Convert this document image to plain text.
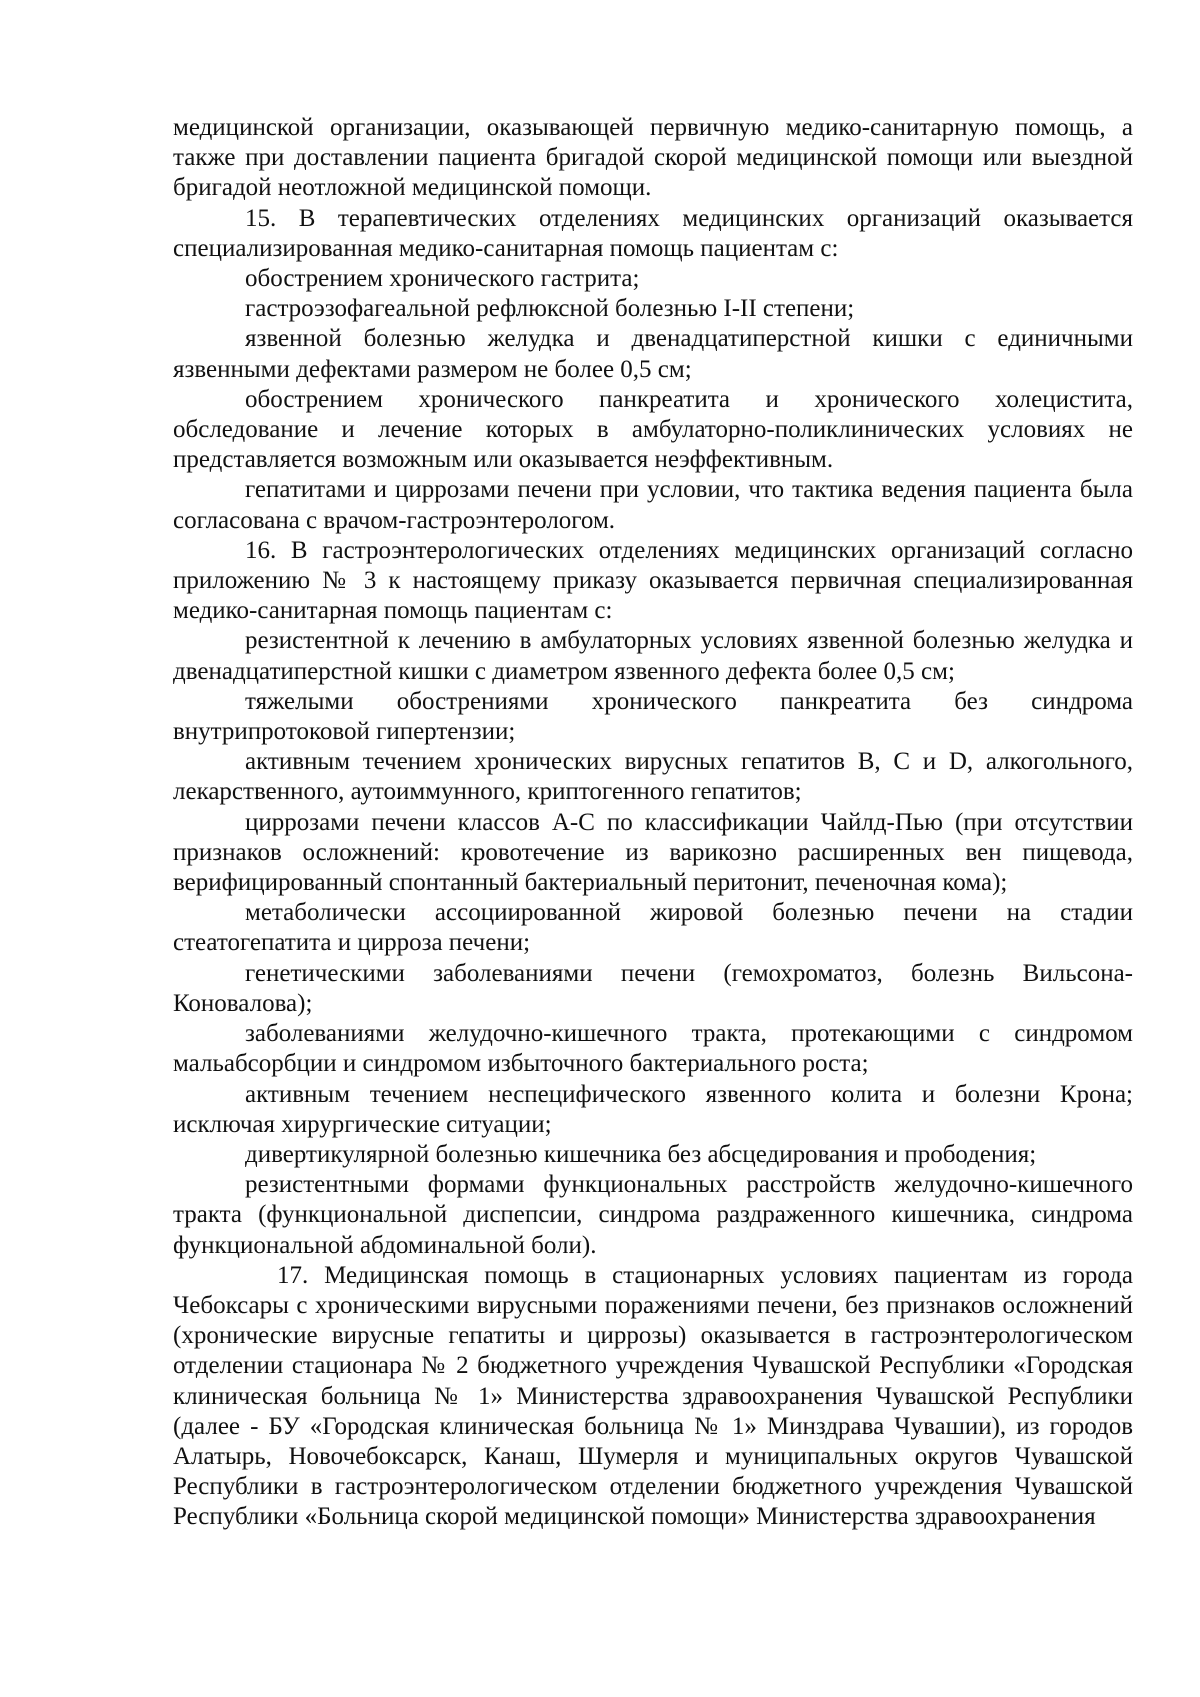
медицинской организации, оказывающей первичную медико-санитарную помощь, а также при доставлении пациента бригадой скорой медицинской помощи или выездной бригадой неотложной медицинской помощи.

15. В терапевтических отделениях медицинских организаций оказывается специализированная медико-санитарная помощь пациентам с:

обострением хронического гастрита;

гастроэзофагеальной рефлюксной болезнью I-II степени;

язвенной болезнью желудка и двенадцатиперстной кишки с единичными язвенными дефектами размером не более 0,5 см;

обострением хронического панкреатита и хронического холецистита, обследование и лечение которых в амбулаторно-поликлинических условиях не представляется возможным или оказывается неэффективным.

гепатитами и циррозами печени при условии, что тактика ведения пациента была согласована с врачом-гастроэнтерологом.

16. В гастроэнтерологических отделениях медицинских организаций согласно приложению № 3 к настоящему приказу оказывается первичная специализированная медико-санитарная помощь пациентам с:

резистентной к лечению в амбулаторных условиях язвенной болезнью желудка и двенадцатиперстной кишки с диаметром язвенного дефекта более 0,5 см;

тяжелыми обострениями хронического панкреатита без синдрома внутрипротоковой гипертензии;

активным течением хронических вирусных гепатитов B, C и D, алкогольного, лекарственного, аутоиммунного, криптогенного гепатитов;

циррозами печени классов А-С по классификации Чайлд-Пью (при отсутствии признаков осложнений: кровотечение из варикозно расширенных вен пищевода, верифицированный спонтанный бактериальный перитонит, печеночная кома);

метаболически ассоциированной жировой болезнью печени на стадии стеатогепатита и цирроза печени;

генетическими заболеваниями печени (гемохроматоз, болезнь Вильсона-Коновалова);

заболеваниями желудочно-кишечного тракта, протекающими с синдромом мальабсорбции и синдромом избыточного бактериального роста;

активным течением неспецифического язвенного колита и болезни Крона; исключая хирургические ситуации;

дивертикулярной болезнью кишечника без абсцедирования и прободения;

резистентными формами функциональных расстройств желудочно-кишечного тракта (функциональной диспепсии, синдрома раздраженного кишечника, синдрома функциональной абдоминальной боли).

17. Медицинская помощь в стационарных условиях пациентам из города Чебоксары с хроническими вирусными поражениями печени, без признаков осложнений (хронические вирусные гепатиты и циррозы) оказывается в гастроэнтерологическом отделении стационара № 2 бюджетного учреждения Чувашской Республики «Городская клиническая больница № 1» Министерства здравоохранения Чувашской Республики (далее - БУ «Городская клиническая больница № 1» Минздрава Чувашии), из городов Алатырь, Новочебоксарск, Канаш, Шумерля и муниципальных округов Чувашской Республики в гастроэнтерологическом отделении бюджетного учреждения Чувашской Республики «Больница скорой медицинской помощи» Министерства здравоохранения
